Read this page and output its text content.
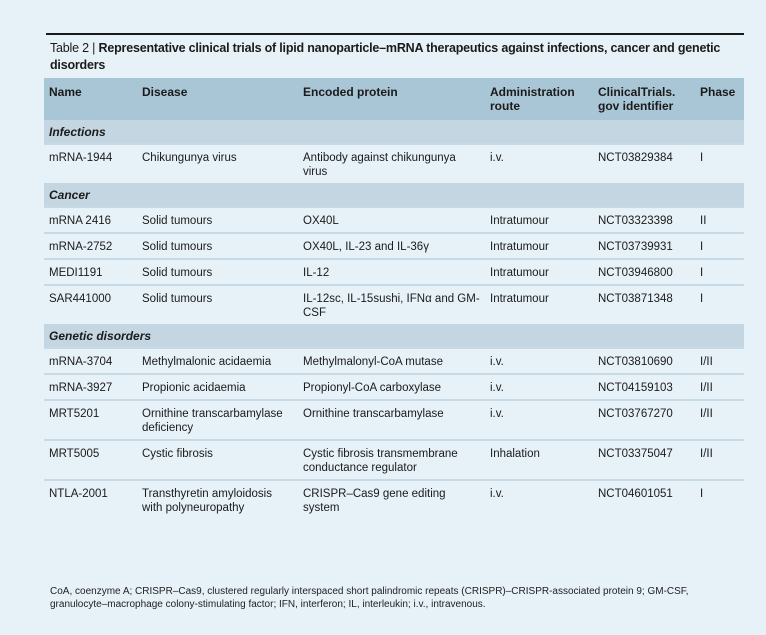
Table 2 | Representative clinical trials of lipid nanoparticle–mRNA therapeutics against infections, cancer and genetic disorders
Name	Disease	Encoded protein	Administration route	ClinicalTrials. gov identifier	Phase
Infections					
mRNA-1944	Chikungunya virus	Antibody against chikungunya virus	i.v.	NCT03829384	I
Cancer					
mRNA 2416	Solid tumours	OX40L	Intratumour	NCT03323398	II
mRNA-2752	Solid tumours	OX40L, IL-23 and IL-36γ	Intratumour	NCT03739931	I
MEDI1191	Solid tumours	IL-12	Intratumour	NCT03946800	I
SAR441000	Solid tumours	IL-12sc, IL-15sushi, IFNα and GM-CSF	Intratumour	NCT03871348	I
Genetic disorders					
mRNA-3704	Methylmalonic acidaemia	Methylmalonyl-CoA mutase	i.v.	NCT03810690	I/II
mRNA-3927	Propionic acidaemia	Propionyl-CoA carboxylase	i.v.	NCT04159103	I/II
MRT5201	Ornithine transcarbamylase deficiency	Ornithine transcarbamylase	i.v.	NCT03767270	I/II
MRT5005	Cystic fibrosis	Cystic fibrosis transmembrane conductance regulator	Inhalation	NCT03375047	I/II
NTLA-2001	Transthyretin amyloidosis with polyneuropathy	CRISPR–Cas9 gene editing system	i.v.	NCT04601051	I
CoA, coenzyme A; CRISPR–Cas9, clustered regularly interspaced short palindromic repeats (CRISPR)–CRISPR-associated protein 9; GM-CSF, granulocyte–macrophage colony-stimulating factor; IFN, interferon; IL, interleukin; i.v., intravenous.
